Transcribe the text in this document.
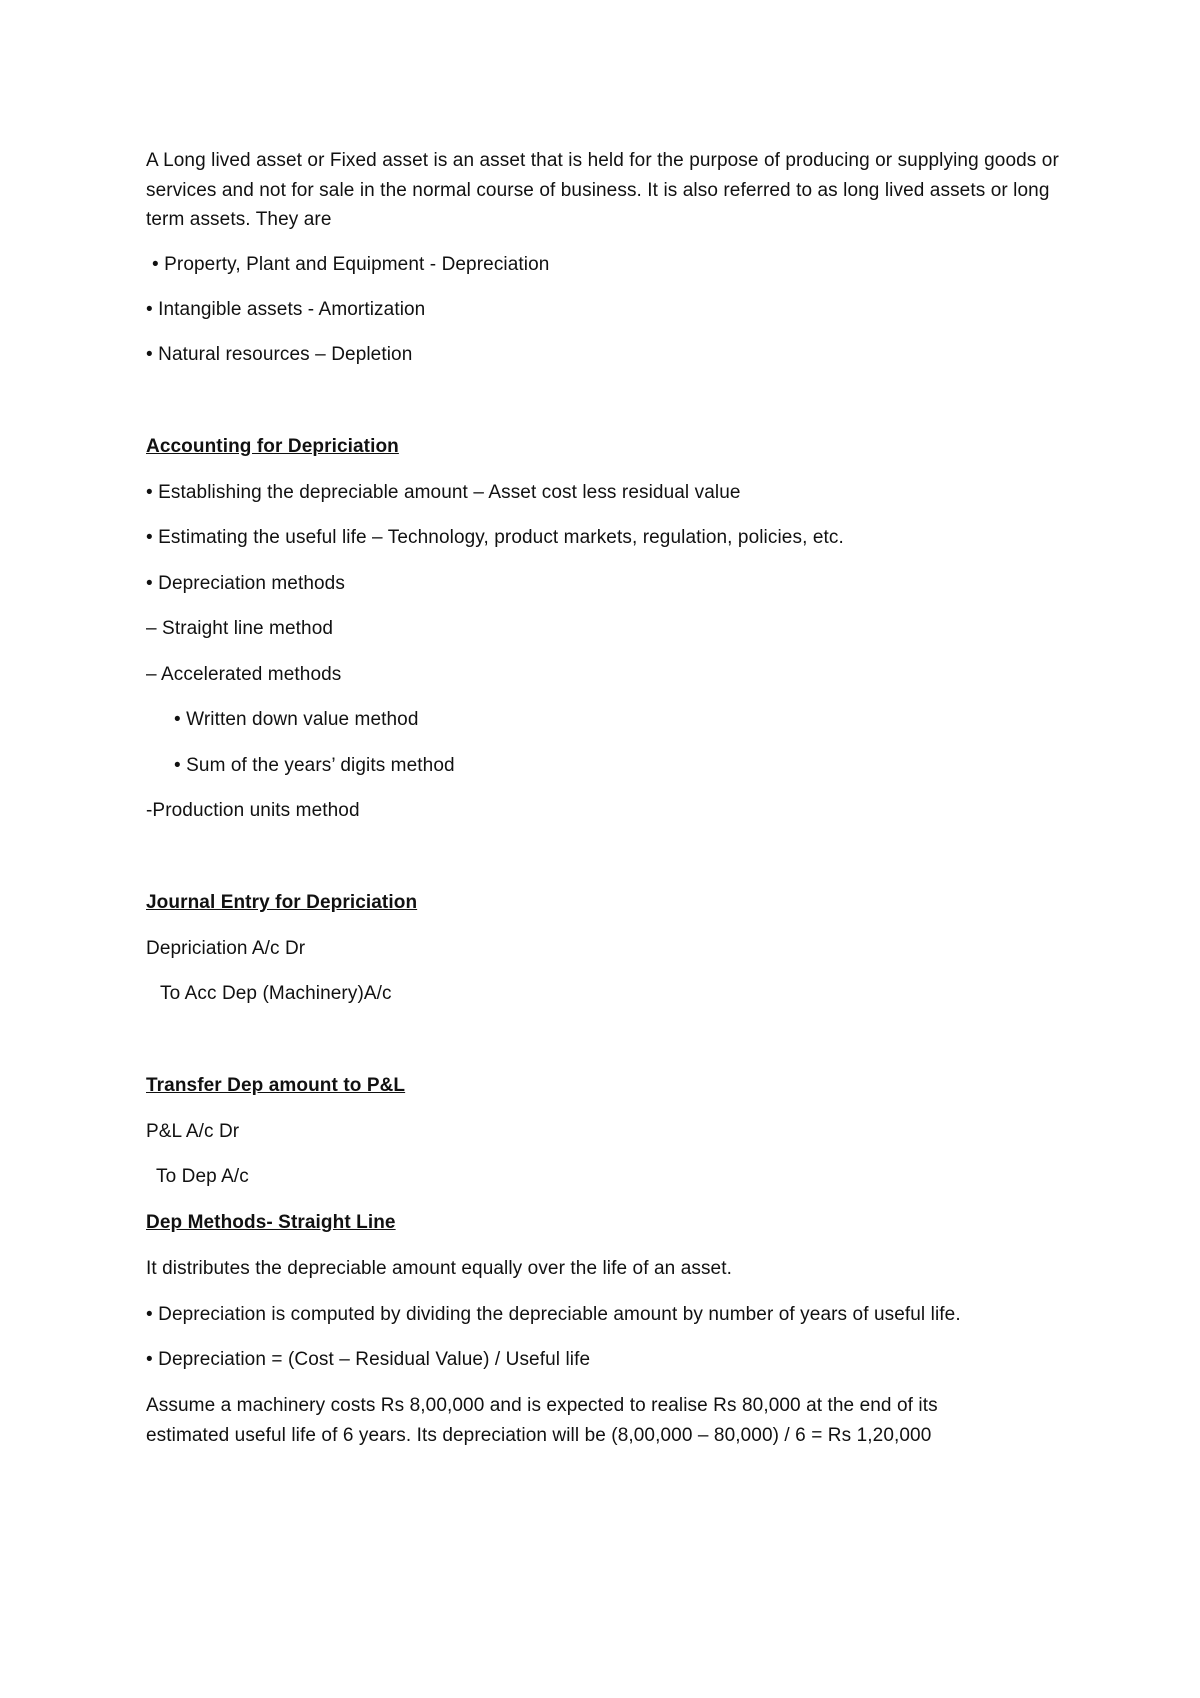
A Long lived asset or Fixed asset is an asset that is held for the purpose of producing or supplying goods or services and not for sale in the normal course of business. It is also referred to as long lived assets or long term assets. They are
• Property, Plant and Equipment - Depreciation
• Intangible assets - Amortization
• Natural resources – Depletion
Accounting for Depriciation
• Establishing the depreciable amount – Asset cost less residual value
• Estimating the useful life – Technology, product markets, regulation, policies, etc.
• Depreciation methods
– Straight line method
– Accelerated methods
• Written down value method
• Sum of the years’ digits method
-Production units method
Journal Entry for Depriciation
Depriciation A/c Dr
To Acc Dep (Machinery)A/c
Transfer Dep amount to P&L
P&L A/c Dr
To Dep A/c
Dep Methods- Straight Line
It distributes the depreciable amount equally over the life of an asset.
• Depreciation is computed by dividing the depreciable amount by number of years of useful life.
• Depreciation = (Cost – Residual Value) / Useful life
Assume a machinery costs Rs 8,00,000 and is expected to realise Rs 80,000 at the end of its estimated useful life of 6 years. Its depreciation will be (8,00,000 – 80,000) / 6 = Rs 1,20,000
